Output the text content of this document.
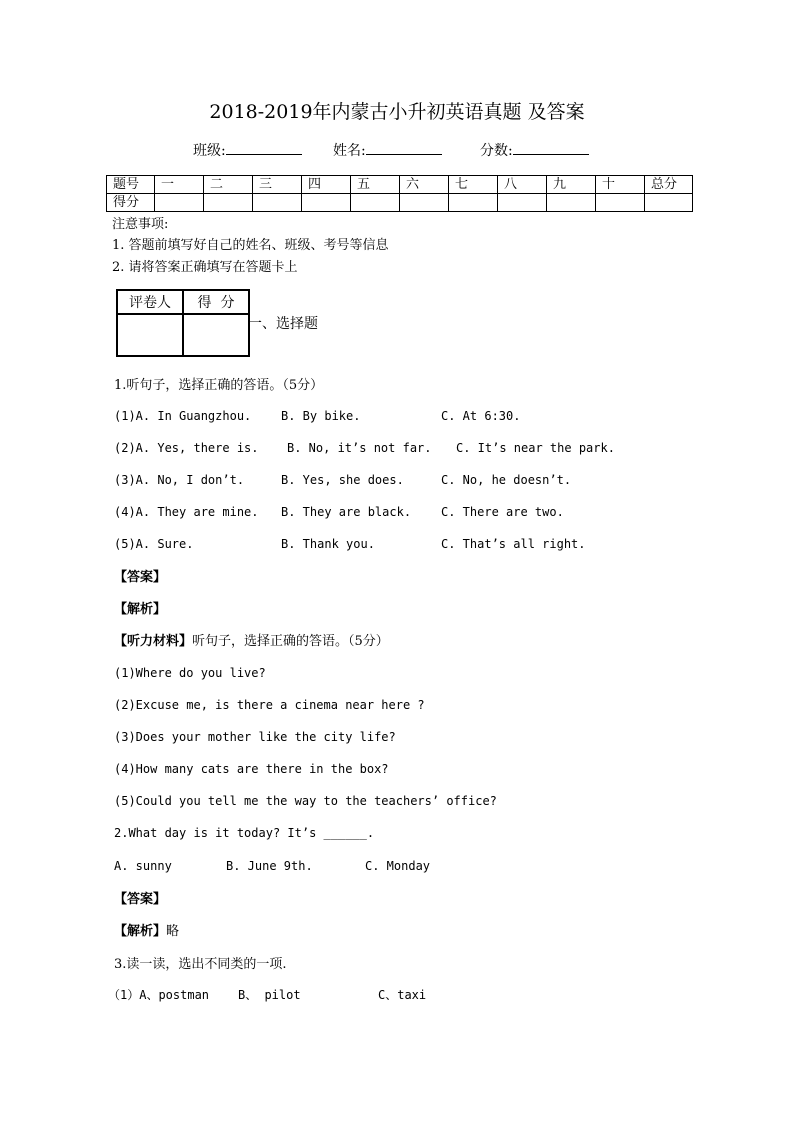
2018-2019年内蒙古小升初英语真题 及答案
班级:	姓名:	分数:
题号	一	二	三	四	五	六	七	八	九	十	总分
得分											
注意事项:
1. 答题前填写好自己的姓名、班级、考号等信息
2. 请将答案正确填写在答题卡上
评卷人	得  分

一、选择题
1.听句子，选择正确的答语。（5分）
(1)A. In Guangzhou. B. By bike.	C. At 6:30.
(2)A. Yes, there is. B. No, it’s not far. C. It’s near the park.
(3)A. No, I don’t.	B. Yes, she does.	C. No, he doesn’t.
(4)A. They are mine. B. They are black. C. There are two.
(5)A. Sure.	B. Thank you.	C. That’s all right.
【答案】
【解析】
【听力材料】听句子，选择正确的答语。（5分）
(1)Where do you live?
(2)Excuse me, is there a cinema near here ?
(3)Does your mother like the city life?
(4)How many cats are there in the box?
(5)Could you tell me the way to the teachers’ office?
2.What day is it today? It’s ______.
A. sunny	B. June 9th.	C. Monday
【答案】
【解析】略
3.读一读，选出不同类的一项.
（1）A、postman B、 pilot	C、taxi
